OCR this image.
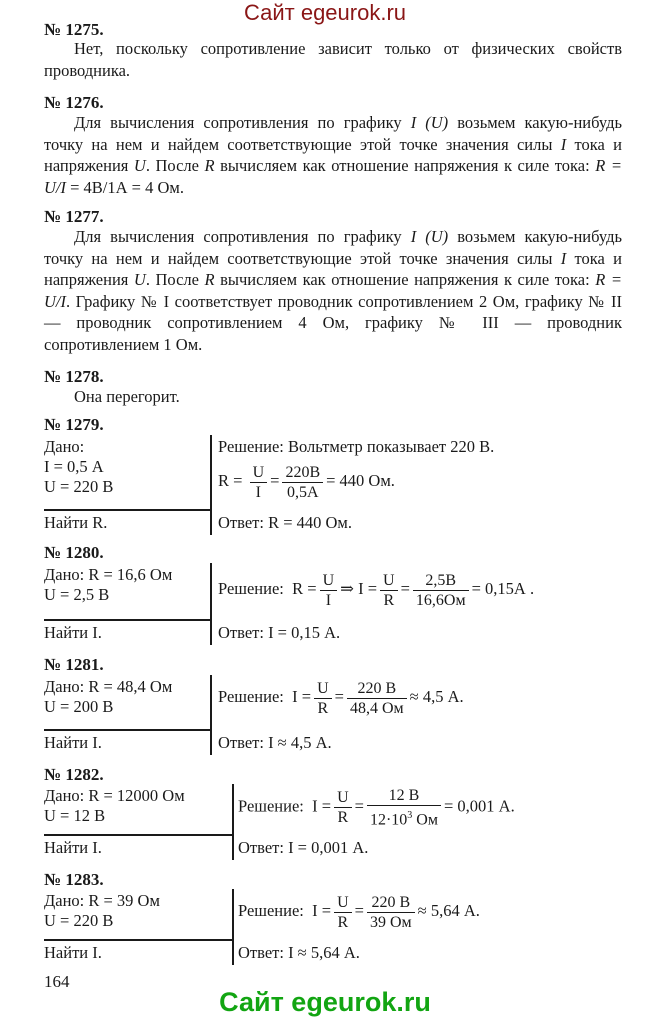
Сайт egeurok.ru
№ 1275.

Нет, поскольку сопротивление зависит только от физических свойств проводника.

№ 1276.

Для вычисления сопротивления по графику I (U) возьмем какую-нибудь точку на нем и найдем соответствующие этой точке значения силы I тока и напряжения U. После R вычисляем как отношение напряжения к силе тока: R = U/I = 4В/1А = 4 Ом.

№ 1277.

Для вычисления сопротивления по графику I (U) возьмем какую-нибудь точку на нем и найдем соответствующие этой точке значения силы I тока и напряжения U. После R вычисляем как отношение напряжения к силе тока: R = U/I. Графику № I соответствует проводник сопротивлением 2 Ом, графику № II — проводник сопротивлением 4 Ом, графику № III — проводник сопротивлением 1 Ом.

№ 1278.
Она перегорит.
№ 1279.
Дано:
I = 0,5 А
U = 220 В
Найти R.
Решение: Вольтметр показывает 220 В.
$R = \frac{U}{I} = \frac{220В}{0,5А} = 440$ Ом.
Ответ: R = 440 Ом.
№ 1280.
Дано: R = 16,6 Ом
U = 2,5 В
Найти I.
Решение: $R = \frac{U}{I}$ ⇒ $I = \frac{U}{R} = \frac{2,5В}{16,6Ом} = 0,15А$ .
Ответ: I = 0,15 А.
№ 1281.
Дано: R = 48,4 Ом
U = 200 В
Найти I.
Решение: $I = \frac{U}{R} = \frac{220 В}{48,4 Ом} \approx 4,5$ А.
Ответ: I ≈ 4,5 А.
№ 1282.
Дано: R = 12000 Ом
U = 12 В
Найти I.
Решение: $I = \frac{U}{R} = \frac{12 В}{12\cdot 10^3 Ом} = 0,001$ А.
Ответ: I = 0,001 А.
№ 1283.
Дано: R = 39 Ом
U = 220 В
Найти I.
Решение: $I = \frac{U}{R} = \frac{220 В}{39 Ом} \approx 5,64$ А.
Ответ: I ≈ 5,64 А.
164
Сайт egeurok.ru
